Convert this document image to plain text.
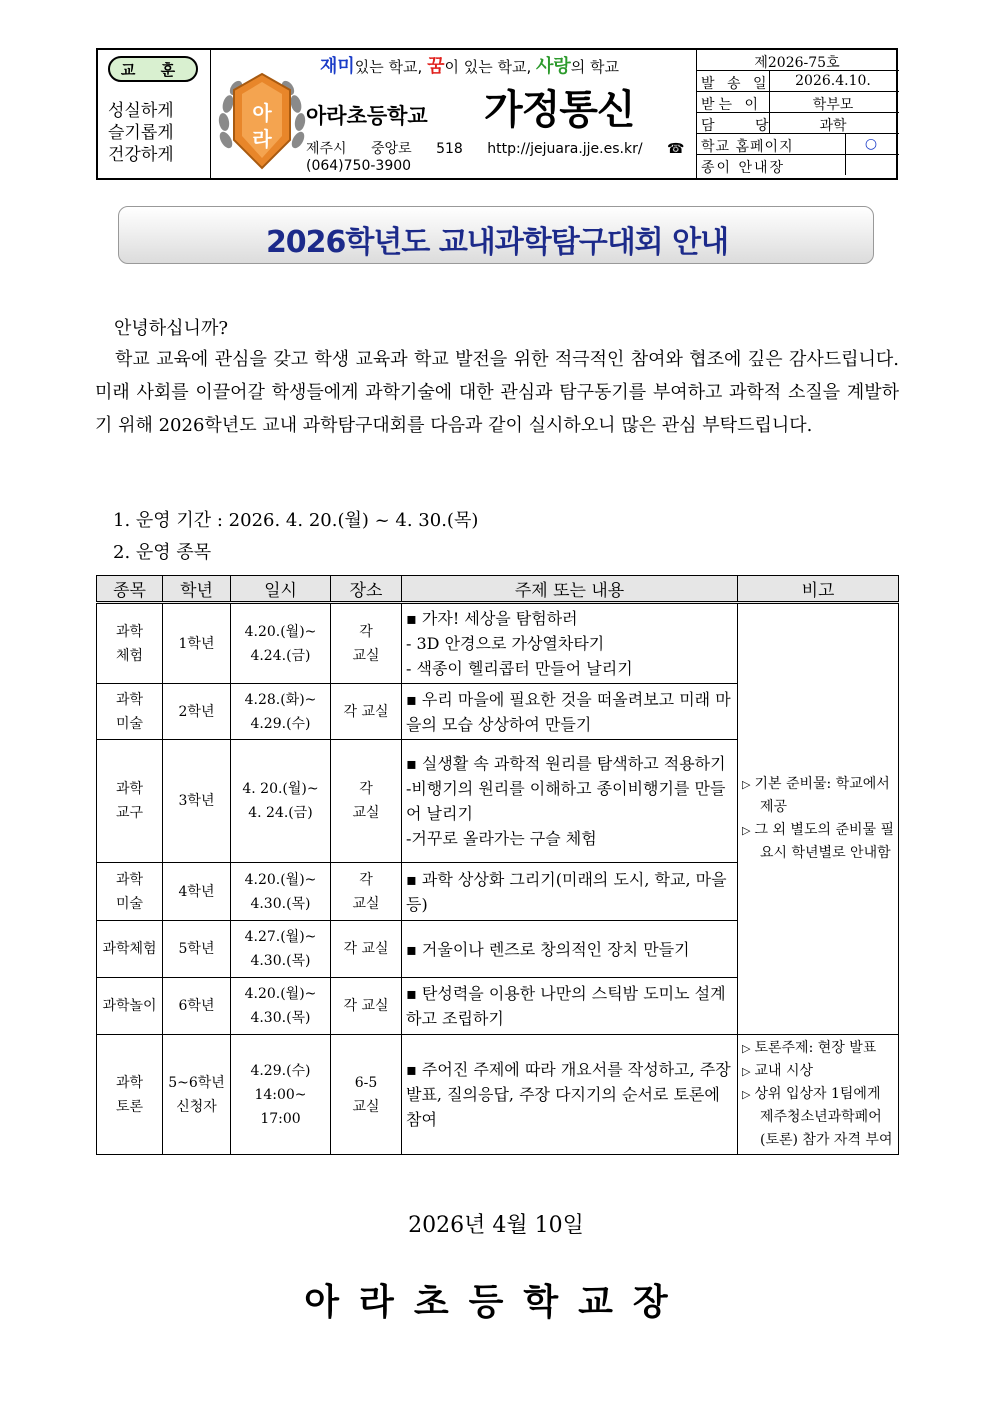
교 훈
성실하게
슬기롭게
건강하게
아
라
재미있는 학교, 꿈이 있는 학교, 사랑의 학교
아라초등학교 가정통신
제주시 중앙로 518 http://jejuara.jje.es.kr/ ☎
(064)750-3900
제2026-75호
발 송 일	2026.4.10.
받는 이	학부모
담 당	과학
학교 홈페이지	○
종이 안내장
2026학년도 교내과학탐구대회 안내
안녕하십니까?
학교 교육에 관심을 갖고 학생 교육과 학교 발전을 위한 적극적인 참여와 협조에 깊은 감사드립니다. 미래 사회를 이끌어갈 학생들에게 과학기술에 대한 관심과 탐구동기를 부여하고 과학적 소질을 계발하기 위해 2026학년도 교내 과학탐구대회를 다음과 같이 실시하오니 많은 관심 부탁드립니다.
1. 운영 기간 : 2026. 4. 20.(월) ~ 4. 30.(목)
2. 운영 종목
종목	학년	일시	장소	주제 또는 내용	비고

과학
체험	1학년	4.20.(월)~
4.24.(금)	각
교실	▪ 가자! 세상을 탐험하러
- 3D 안경으로 가상열차타기
- 색종이 헬리콥터 만들어 날리기	▷ 기본 준비물: 학교에서 제공
▷ 그 외 별도의 준비물 필요시 학년별로 안내함

과학
미술	2학년	4.28.(화)~
4.29.(수)	각 교실	▪ 우리 마을에 필요한 것을 떠올려보고 미래 마을의 모습 상상하여 만들기	

과학
교구	3학년	4. 20.(월)~
4. 24.(금)	각
교실	▪ 실생활 속 과학적 원리를 탐색하고 적용하기
-비행기의 원리를 이해하고 종이비행기를 만들어 날리기
-거꾸로 올라가는 구슬 체험	

과학
미술	4학년	4.20.(월)~
4.30.(목)	각
교실	▪ 과학 상상화 그리기(미래의 도시, 학교, 마을 등)	

과학체험	5학년	4.27.(월)~
4.30.(목)	각 교실	▪ 거울이나 렌즈로 창의적인 장치 만들기	

과학놀이	6학년	4.20.(월)~
4.30.(목)	각 교실	▪ 탄성력을 이용한 나만의 스틱밤 도미노 설계하고 조립하기	

과학
토론	5~6학년
신청자	4.29.(수)
14:00~
17:00	6-5
교실	▪ 주어진 주제에 따라 개요서를 작성하고, 주장 발표, 질의응답, 주장 다지기의 순서로 토론에 참여	▷ 토론주제: 현장 발표
▷ 교내 시상
▷ 상위 입상자 1팀에게 제주청소년과학페어(토론) 참가 자격 부여
2026년 4월 10일
아라초등학교장
